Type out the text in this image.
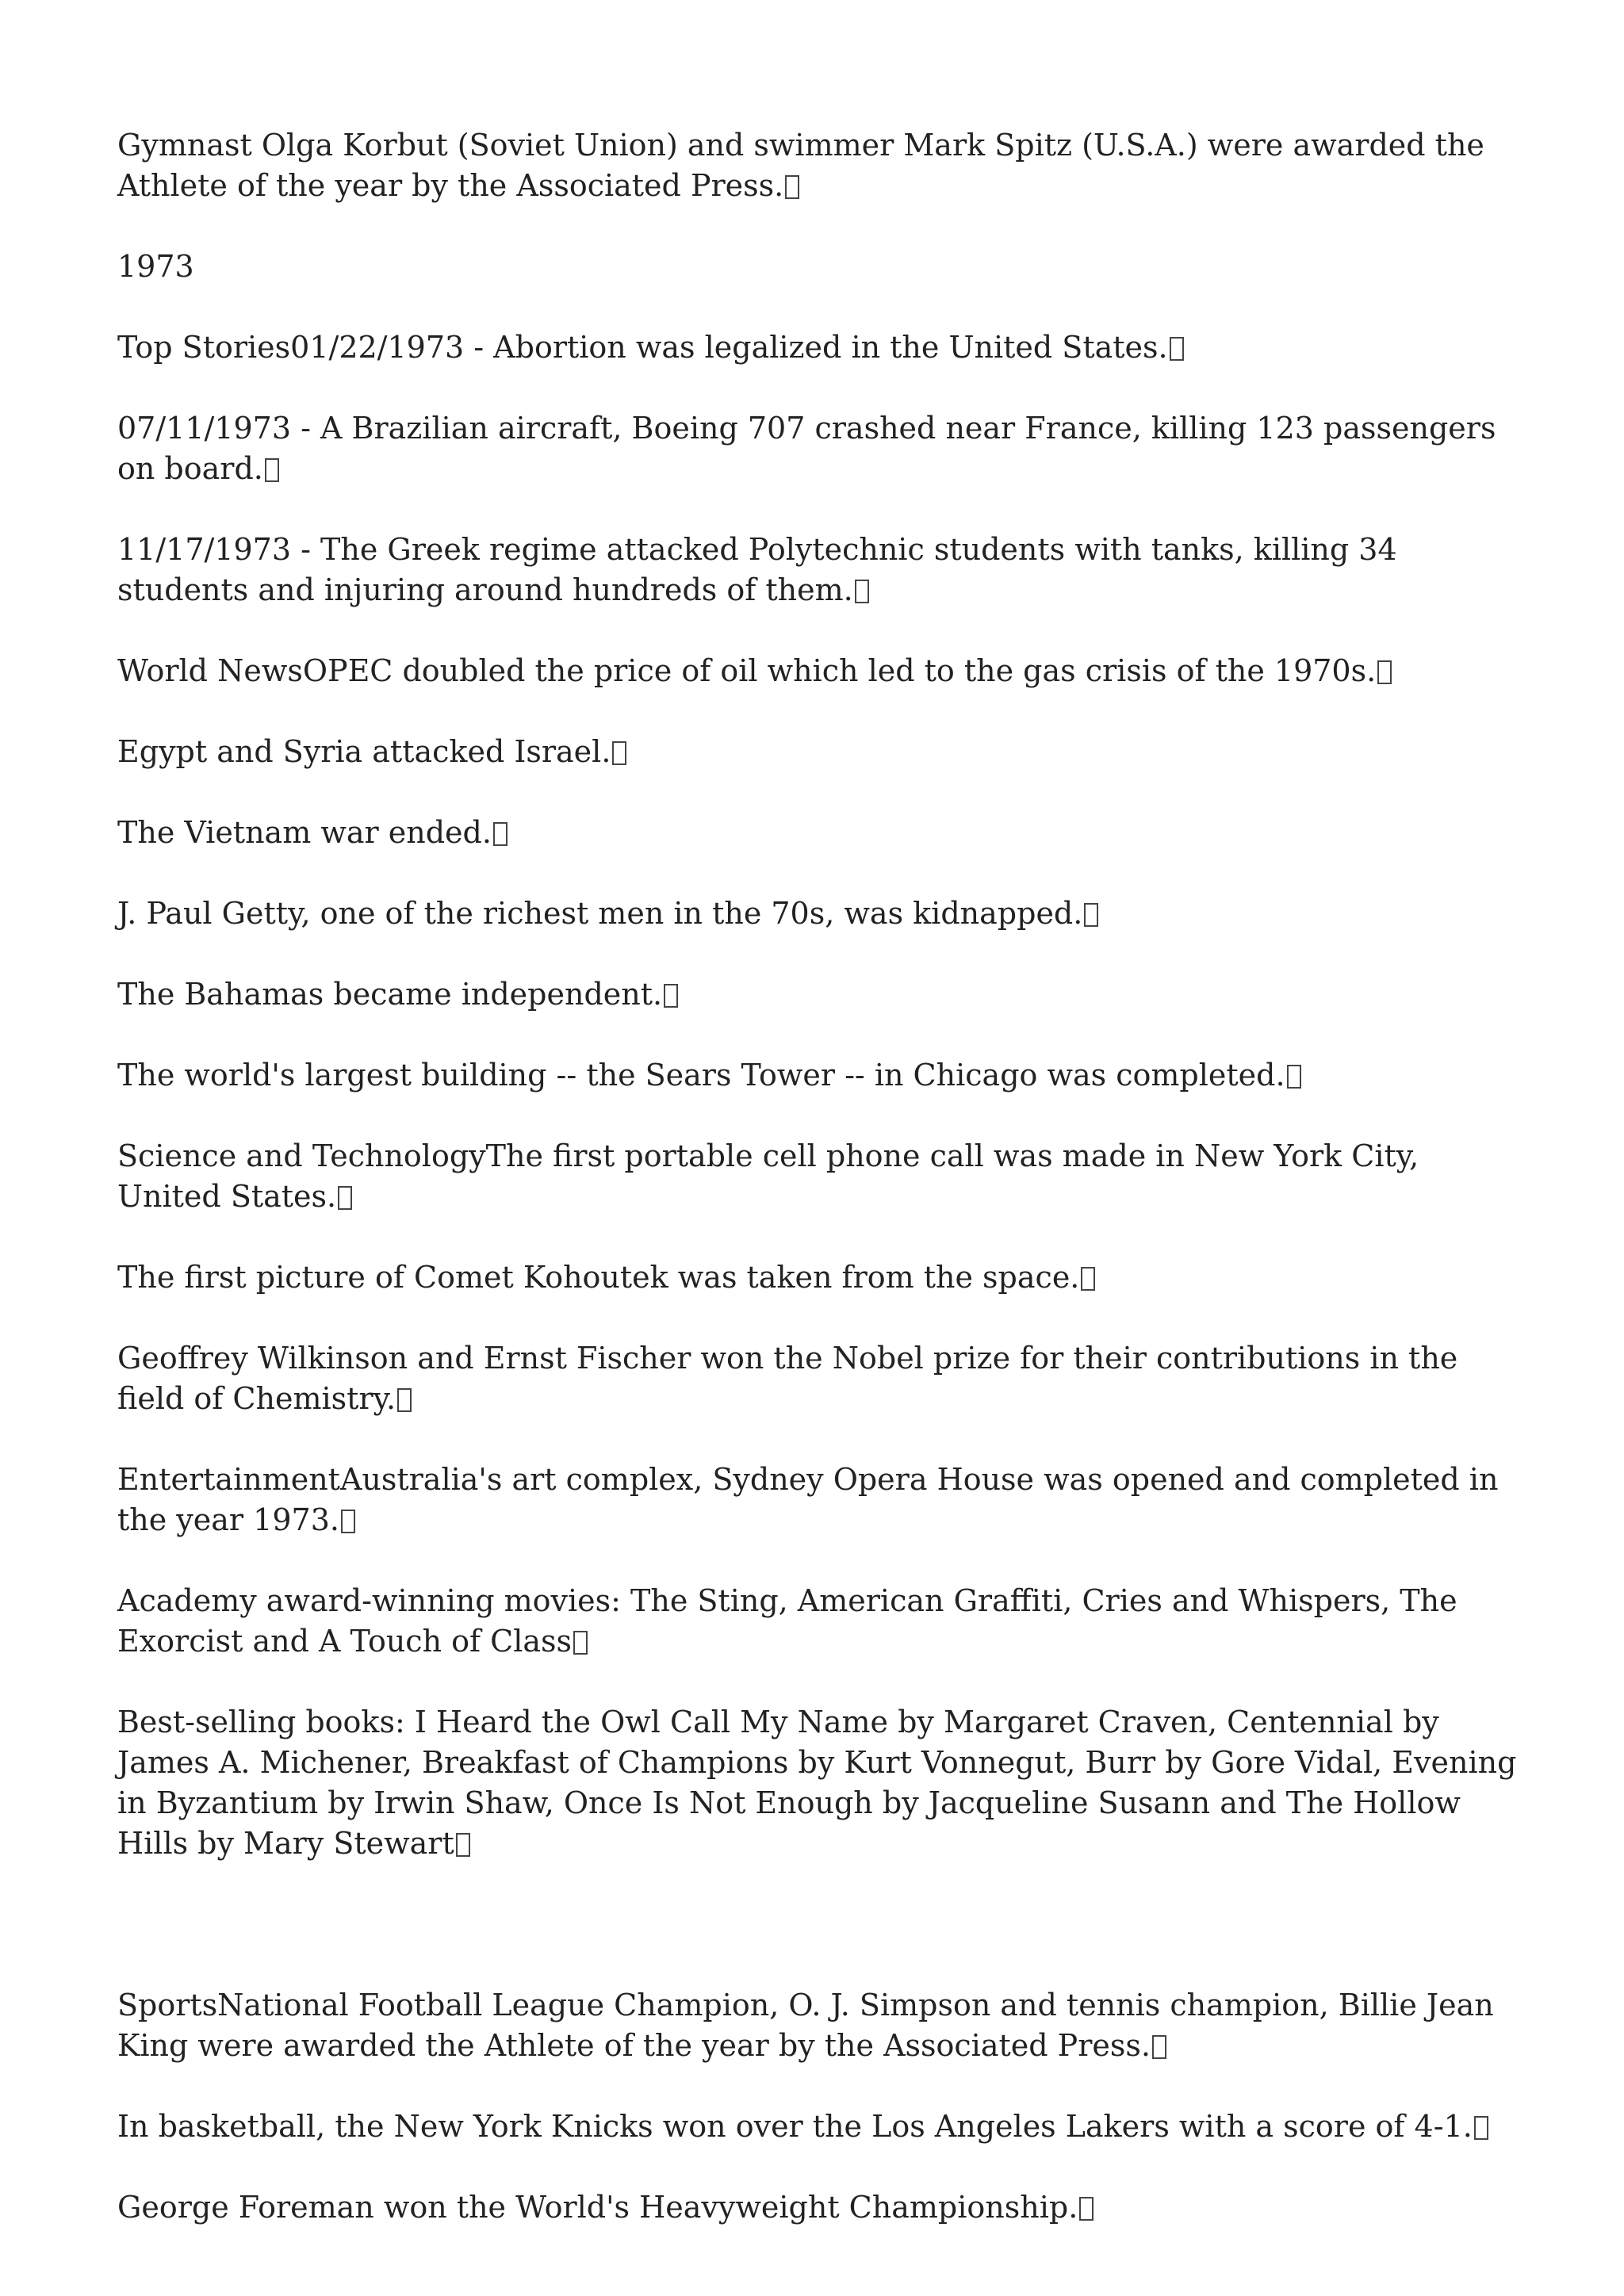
Gymnast Olga Korbut (Soviet Union) and swimmer Mark Spitz (U.S.A.) were awarded the Athlete of the year by the Associated Press.

1973

Top Stories01/22/1973 - Abortion was legalized in the United States.

07/11/1973 - A Brazilian aircraft, Boeing 707 crashed near France, killing 123 passengers on board.

11/17/1973 - The Greek regime attacked Polytechnic students with tanks, killing 34 students and injuring around hundreds of them.

World NewsOPEC doubled the price of oil which led to the gas crisis of the 1970s.

Egypt and Syria attacked Israel.

The Vietnam war ended.

J. Paul Getty, one of the richest men in the 70s, was kidnapped.

The Bahamas became independent.

The world's largest building -- the Sears Tower -- in Chicago was completed.

Science and TechnologyThe first portable cell phone call was made in New York City, United States.

The first picture of Comet Kohoutek was taken from the space.

Geoffrey Wilkinson and Ernst Fischer won the Nobel prize for their contributions in the field of Chemistry.

EntertainmentAustralia's art complex, Sydney Opera House was opened and completed in the year 1973.

Academy award-winning movies: The Sting, American Graffiti, Cries and Whispers, The Exorcist and A Touch of Class

Best-selling books: I Heard the Owl Call My Name by Margaret Craven, Centennial by James A. Michener, Breakfast of Champions by Kurt Vonnegut, Burr by Gore Vidal, Evening in Byzantium by Irwin Shaw, Once Is Not Enough by Jacqueline Susann and The Hollow Hills by Mary Stewart

SportsNational Football League Champion, O. J. Simpson and tennis champion, Billie Jean King were awarded the Athlete of the year by the Associated Press.

In basketball, the New York Knicks won over the Los Angeles Lakers with a score of 4-1.

George Foreman won the World's Heavyweight Championship.
